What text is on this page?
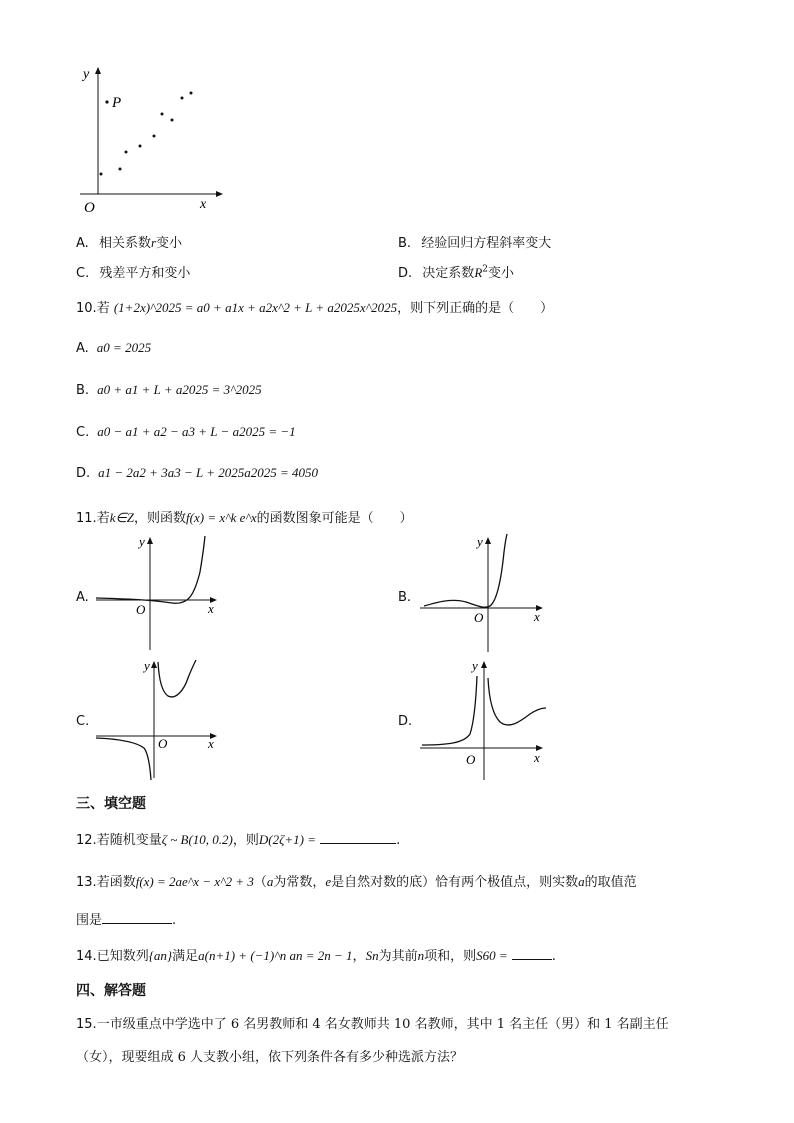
y
x
O
P
A. 相关系数r变小	B. 经验回归方程斜率变大
C. 残差平方和变小	D. 决定系数$R^2$变小
10.若 (1+2x)^2025 = a0 + a1x + a2x^2 + L + a2025x^2025，则下列正确的是（　　）
A. a0 = 2025
B. a0 + a1 + L + a2025 = 3^2025
C. a0 − a1 + a2 − a3 + L − a2025 = −1
D. a1 − 2a2 + 3a3 − L + 2025a2025 = 4050
11.若k∈Z，则函数f(x) = x^k e^x的函数图象可能是（　　）
A.
y
x
O
B.
y
x
O
C.
y
x
O
D.
y
x
O
三、填空题
12.若随机变量ζ ~ B(10, 0.2)，则D(2ζ+1) =	.
13.若函数f(x) = 2ae^x − x^2 + 3（a为常数，e是自然对数的底）恰有两个极值点，则实数a的取值范
围是	.
14.已知数列{an}满足a(n+1) + (−1)^n an = 2n − 1，Sn为其前n项和，则S60 =	.
四、解答题
15.一市级重点中学选中了 6 名男教师和 4 名女教师共 10 名教师，其中 1 名主任（男）和 1 名副主任
（女），现要组成 6 人支教小组，依下列条件各有多少种选派方法？
